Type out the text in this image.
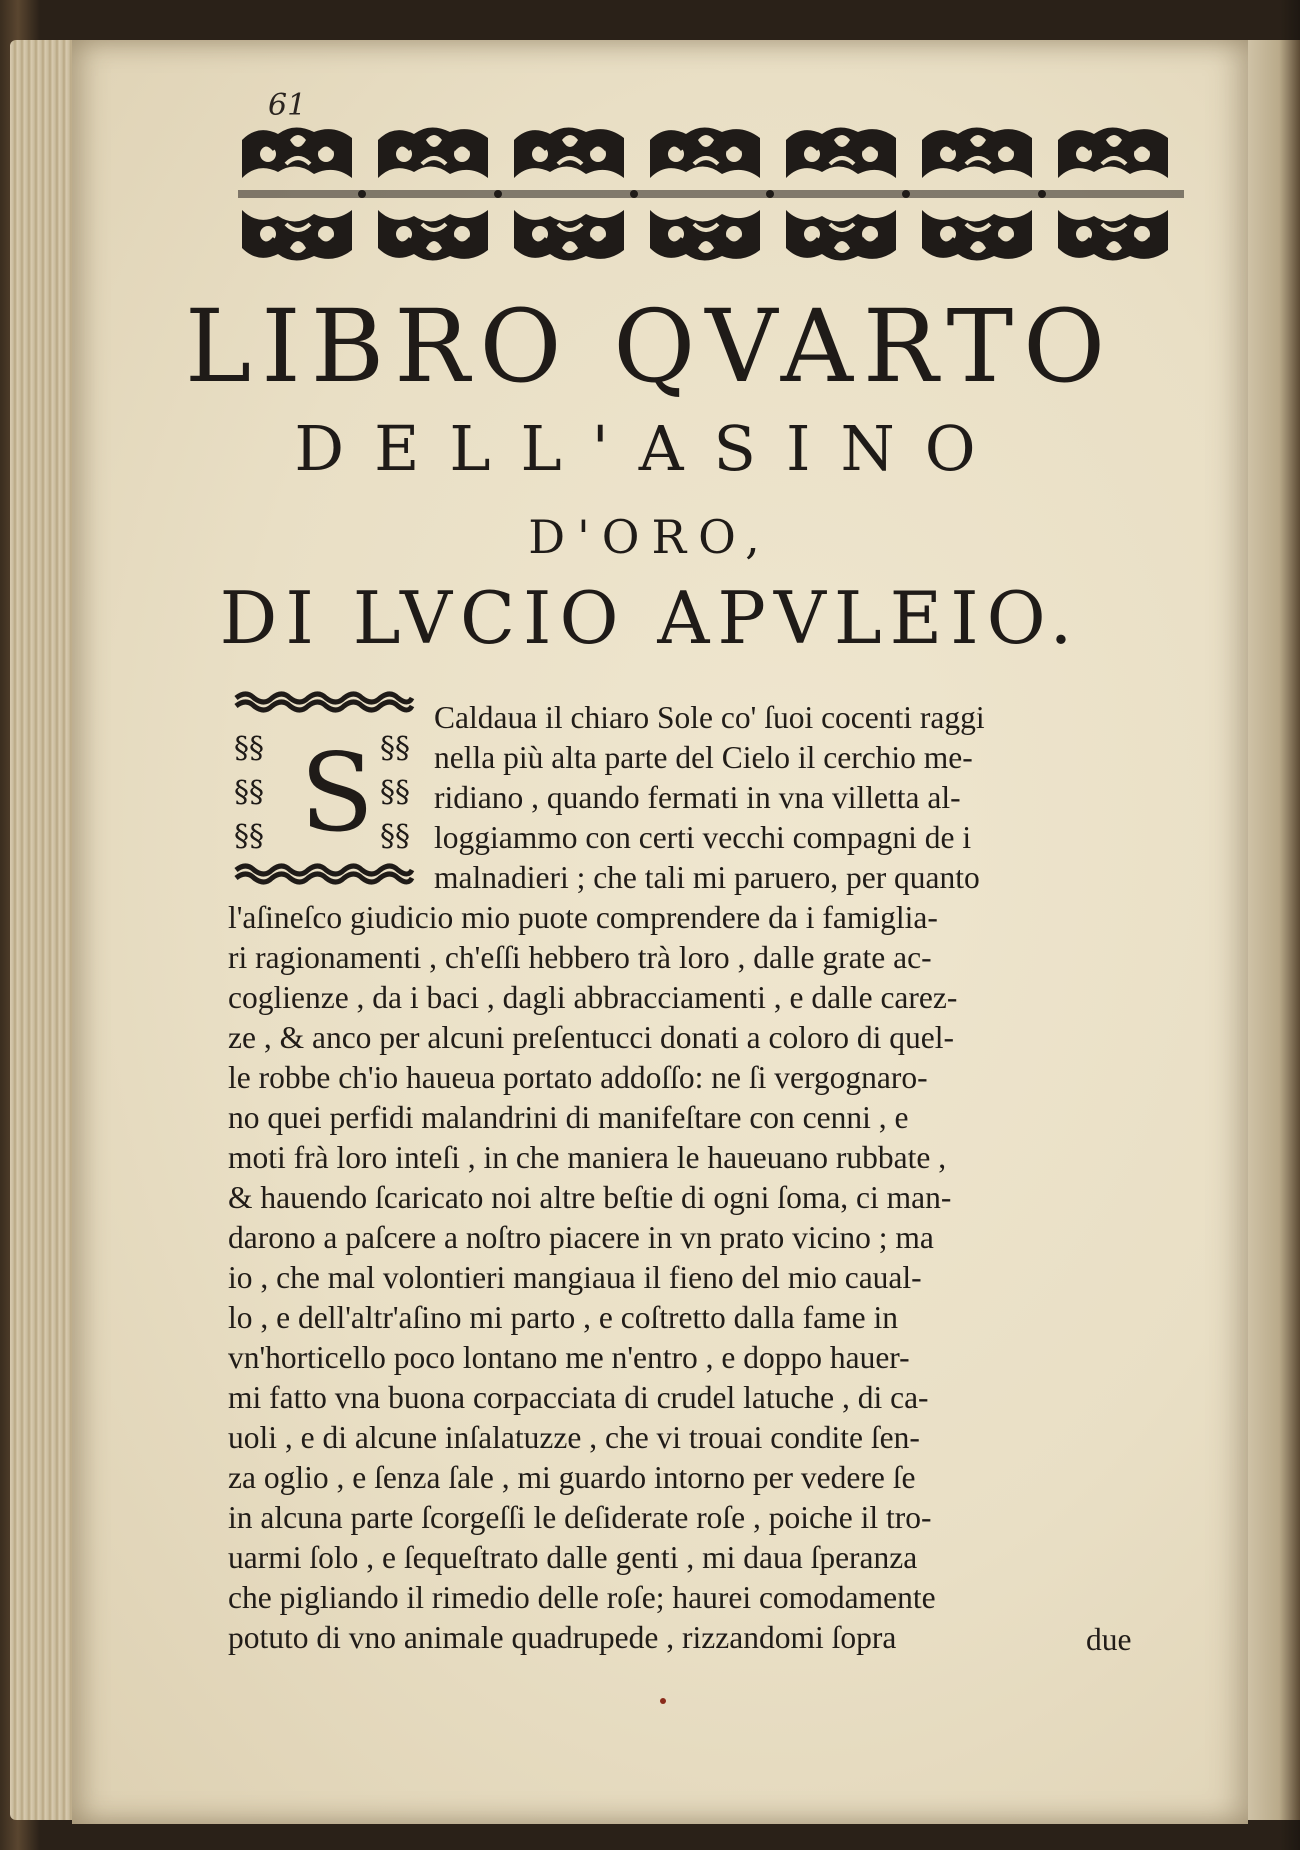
61
LIBRO QVARTO
DELL'ASINO
D'ORO,
DI LVCIO APVLEIO.
§§
§§
§§
§§
§§
§§
S
Caldaua il chiaro Sole co' ſuoi cocenti raggi
nella più alta parte del Cielo il cerchio me-
ridiano , quando fermati in vna villetta al-
loggiammo con certi vecchi compagni de i
malnadieri ; che tali mi paruero, per quanto
l'aſineſco giudicio mio puote comprendere da i famiglia-
ri ragionamenti , ch'eſſi hebbero trà loro , dalle grate ac-
coglienze , da i baci , dagli abbracciamenti , e dalle carez-
ze , & anco per alcuni preſentucci donati a coloro di quel-
le robbe ch'io haueua portato addoſſo: ne ſi vergognaro-
no quei perfidi malandrini di manifeſtare con cenni , e
moti frà loro inteſi , in che maniera le haueuano rubbate ,
& hauendo ſcaricato noi altre beſtie di ogni ſoma, ci man-
darono a paſcere a noſtro piacere in vn prato vicino ; ma
io , che mal volontieri mangiaua il fieno del mio caual-
lo , e dell'altr'aſino mi parto , e coſtretto dalla fame in
vn'horticello poco lontano me n'entro , e doppo hauer-
mi fatto vna buona corpacciata di crudel latuche , di ca-
uoli , e di alcune inſalatuzze , che vi trouai condite ſen-
za oglio , e ſenza ſale , mi guardo intorno per vedere ſe
in alcuna parte ſcorgeſſi le deſiderate roſe , poiche il tro-
uarmi ſolo , e ſequeſtrato dalle genti , mi daua ſperanza
che pigliando il rimedio delle roſe; haurei comodamente
potuto di vno animale quadrupede , rizzandomi ſopra	due
